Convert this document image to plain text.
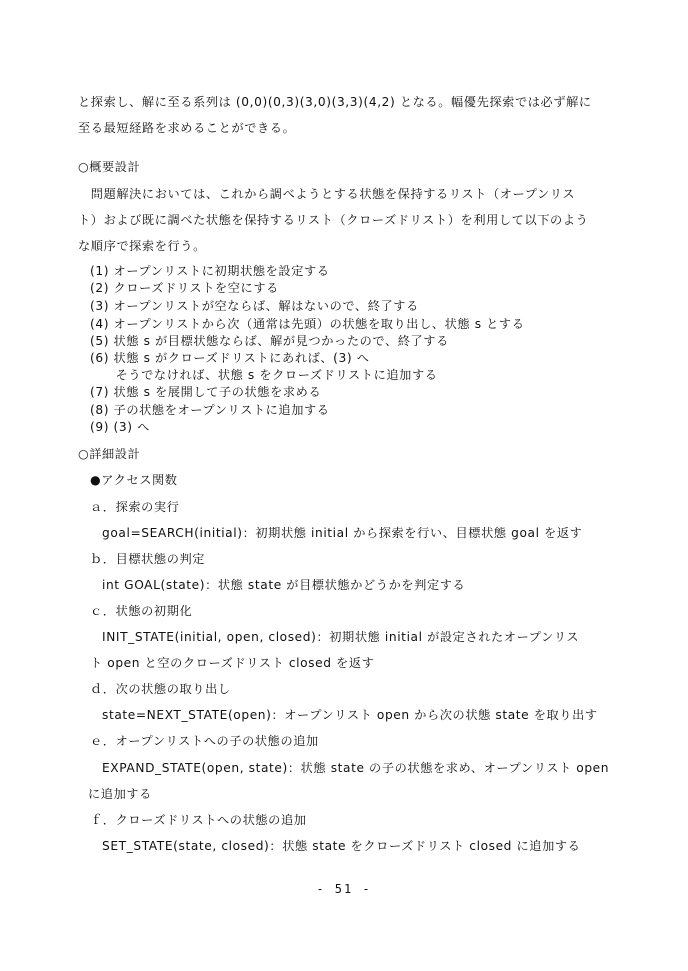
と探索し、解に至る系列は (0,0)(0,3)(3,0)(3,3)(4,2) となる。幅優先探索では必ず解に
至る最短経路を求めることができる。
○概要設計
　問題解決においては、これから調べようとする状態を保持するリスト（オープンリス
ト）および既に調べた状態を保持するリスト（クローズドリスト）を利用して以下のよう
な順序で探索を行う。
(1) オープンリストに初期状態を設定する
(2) クローズドリストを空にする
(3) オープンリストが空ならば、解はないので、終了する
(4) オープンリストから次（通常は先頭）の状態を取り出し、状態 s とする
(5) 状態 s が目標状態ならば、解が見つかったので、終了する
(6) 状態 s がクローズドリストにあれば、(3) へ
　　そうでなければ、状態 s をクローズドリストに追加する
(7) 状態 s を展開して子の状態を求める
(8) 子の状態をオープンリストに追加する
(9) (3) へ
○詳細設計
●アクセス関数
ａ．探索の実行
goal=SEARCH(initial)：初期状態 initial から探索を行い、目標状態 goal を返す
ｂ．目標状態の判定
int GOAL(state)：状態 state が目標状態かどうかを判定する
ｃ．状態の初期化
INIT_STATE(initial, open, closed)：初期状態 initial が設定されたオープンリス
ト open と空のクローズドリスト closed を返す
ｄ．次の状態の取り出し
state=NEXT_STATE(open)：オープンリスト open から次の状態 state を取り出す
ｅ．オープンリストへの子の状態の追加
EXPAND_STATE(open, state)：状態 state の子の状態を求め、オープンリスト open
に追加する
ｆ．クローズドリストへの状態の追加
SET_STATE(state, closed)：状態 state をクローズドリスト closed に追加する
- 51 -
